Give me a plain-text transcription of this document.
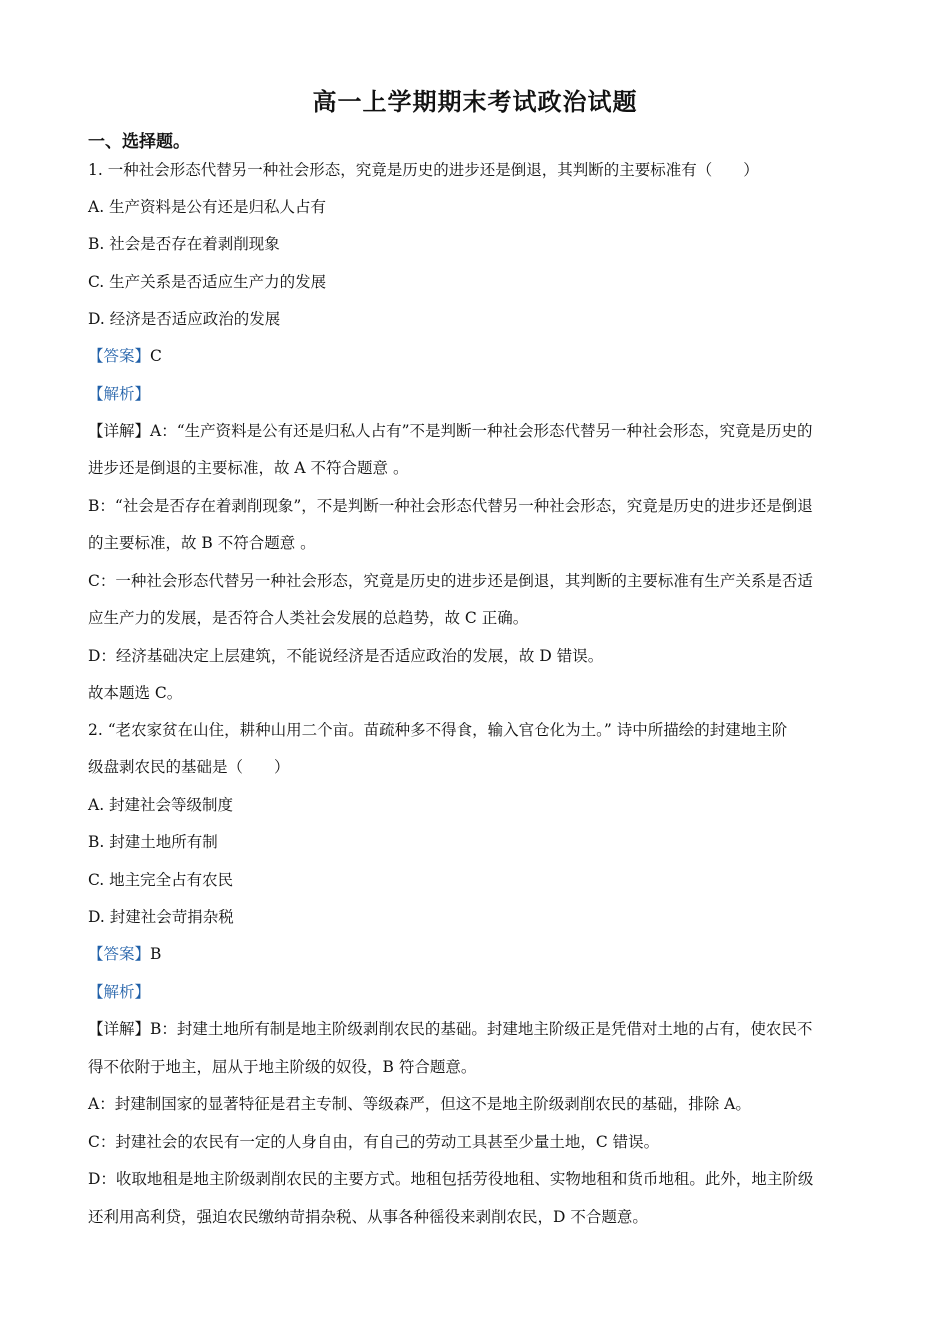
高一上学期期末考试政治试题
一、选择题。
1. 一种社会形态代替另一种社会形态，究竟是历史的进步还是倒退，其判断的主要标准有（　　）
A. 生产资料是公有还是归私人占有
B. 社会是否存在着剥削现象
C. 生产关系是否适应生产力的发展
D. 经济是否适应政治的发展
【答案】C
【解析】
【详解】A：“生产资料是公有还是归私人占有”不是判断一种社会形态代替另一种社会形态，究竟是历史的
进步还是倒退的主要标准，故 A 不符合题意 。
B：“社会是否存在着剥削现象”，不是判断一种社会形态代替另一种社会形态，究竟是历史的进步还是倒退
的主要标准，故 B 不符合题意 。
C：一种社会形态代替另一种社会形态，究竟是历史的进步还是倒退，其判断的主要标准有生产关系是否适
应生产力的发展，是否符合人类社会发展的总趋势，故 C 正确。
D：经济基础决定上层建筑，不能说经济是否适应政治的发展，故 D 错误。
故本题选 C。
2. “老农家贫在山住，耕种山用二个亩。苗疏种多不得食，输入官仓化为土。” 诗中所描绘的封建地主阶
级盘剥农民的基础是（　　）
A. 封建社会等级制度
B. 封建土地所有制
C. 地主完全占有农民
D. 封建社会苛捐杂税
【答案】B
【解析】
【详解】B：封建土地所有制是地主阶级剥削农民的基础。封建地主阶级正是凭借对土地的占有，使农民不
得不依附于地主，屈从于地主阶级的奴役，B 符合题意。
A：封建制国家的显著特征是君主专制、等级森严，但这不是地主阶级剥削农民的基础，排除 A。
C：封建社会的农民有一定的人身自由，有自己的劳动工具甚至少量土地，C 错误。
D：收取地租是地主阶级剥削农民的主要方式。地租包括劳役地租、实物地租和货币地租。此外，地主阶级
还利用高利贷，强迫农民缴纳苛捐杂税、从事各种徭役来剥削农民，D 不合题意。
